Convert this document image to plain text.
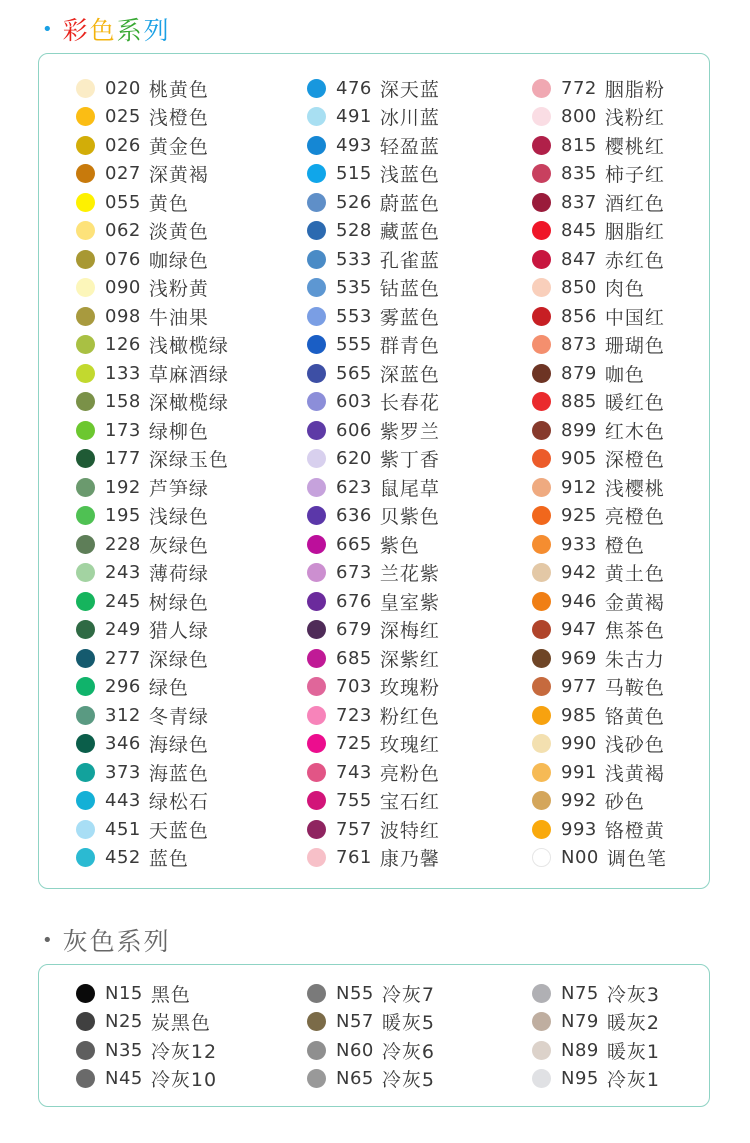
• 彩 色 系 列
020 桃黄色
025 浅橙色
026 黄金色
027 深黄褐
055 黄色
062 淡黄色
076 咖绿色
090 浅粉黄
098 牛油果
126 浅橄榄绿
133 草麻酒绿
158 深橄榄绿
173 绿柳色
177 深绿玉色
192 芦笋绿
195 浅绿色
228 灰绿色
243 薄荷绿
245 树绿色
249 猎人绿
277 深绿色
296 绿色
312 冬青绿
346 海绿色
373 海蓝色
443 绿松石
451 天蓝色
452 蓝色
476 深天蓝
491 冰川蓝
493 轻盈蓝
515 浅蓝色
526 蔚蓝色
528 藏蓝色
533 孔雀蓝
535 钴蓝色
553 雾蓝色
555 群青色
565 深蓝色
603 长春花
606 紫罗兰
620 紫丁香
623 鼠尾草
636 贝紫色
665 紫色
673 兰花紫
676 皇室紫
679 深梅红
685 深紫红
703 玫瑰粉
723 粉红色
725 玫瑰红
743 亮粉色
755 宝石红
757 波特红
761 康乃馨
772 胭脂粉
800 浅粉红
815 樱桃红
835 柿子红
837 酒红色
845 胭脂红
847 赤红色
850 肉色
856 中国红
873 珊瑚色
879 咖色
885 暖红色
899 红木色
905 深橙色
912 浅樱桃
925 亮橙色
933 橙色
942 黄土色
946 金黄褐
947 焦茶色
969 朱古力
977 马鞍色
985 铬黄色
990 浅砂色
991 浅黄褐
992 砂色
993 铬橙黄
N00 调色笔
• 灰色系列
N15 黑色
N25 炭黑色
N35 冷灰12
N45 冷灰10
N55 冷灰7
N57 暖灰5
N60 冷灰6
N65 冷灰5
N75 冷灰3
N79 暖灰2
N89 暖灰1
N95 冷灰1
